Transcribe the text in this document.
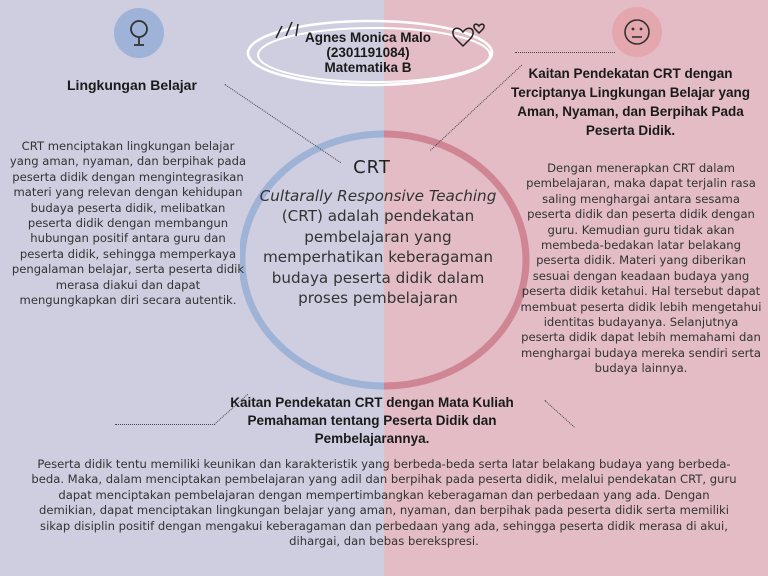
Agnes Monica Malo
(2301191084)
Matematika B
Lingkungan Belajar
CRT menciptakan lingkungan belajar yang aman, nyaman, dan berpihak pada peserta didik dengan mengintegrasikan materi yang relevan dengan kehidupan budaya peserta didik, melibatkan peserta didik dengan membangun hubungan positif antara guru dan peserta didik, sehingga memperkaya pengalaman belajar, serta peserta didik merasa diakui dan dapat mengungkapkan diri secara autentik.
Kaitan Pendekatan CRT dengan Terciptanya Lingkungan Belajar yang Aman, Nyaman, dan Berpihak Pada Peserta Didik.
Dengan menerapkan CRT dalam pembelajaran, maka dapat terjalin rasa saling menghargai antara sesama peserta didik dan peserta didik dengan guru. Kemudian guru tidak akan membeda-bedakan latar belakang peserta didik. Materi yang diberikan sesuai dengan keadaan budaya yang peserta didik ketahui. Hal tersebut dapat membuat peserta didik lebih mengetahui identitas budayanya. Selanjutnya peserta didik dapat lebih memahami dan menghargai budaya mereka sendiri serta budaya lainnya.
CRT
Cultarally Responsive Teaching (CRT) adalah pendekatan pembelajaran yang memperhatikan keberagaman budaya peserta didik dalam proses pembelajaran
Kaitan Pendekatan CRT dengan Mata Kuliah Pemahaman tentang Peserta Didik dan Pembelajarannya.
Peserta didik tentu memiliki keunikan dan karakteristik yang berbeda-beda serta latar belakang budaya yang berbeda-beda. Maka, dalam menciptakan pembelajaran yang adil dan berpihak pada peserta didik, melalui pendekatan CRT, guru dapat menciptakan pembelajaran dengan mempertimbangkan keberagaman dan perbedaan yang ada. Dengan demikian, dapat menciptakan lingkungan belajar yang aman, nyaman, dan berpihak pada peserta didik serta memiliki sikap disiplin positif dengan mengakui keberagaman dan perbedaan yang ada, sehingga peserta didik merasa di akui, dihargai, dan bebas berekspresi.
